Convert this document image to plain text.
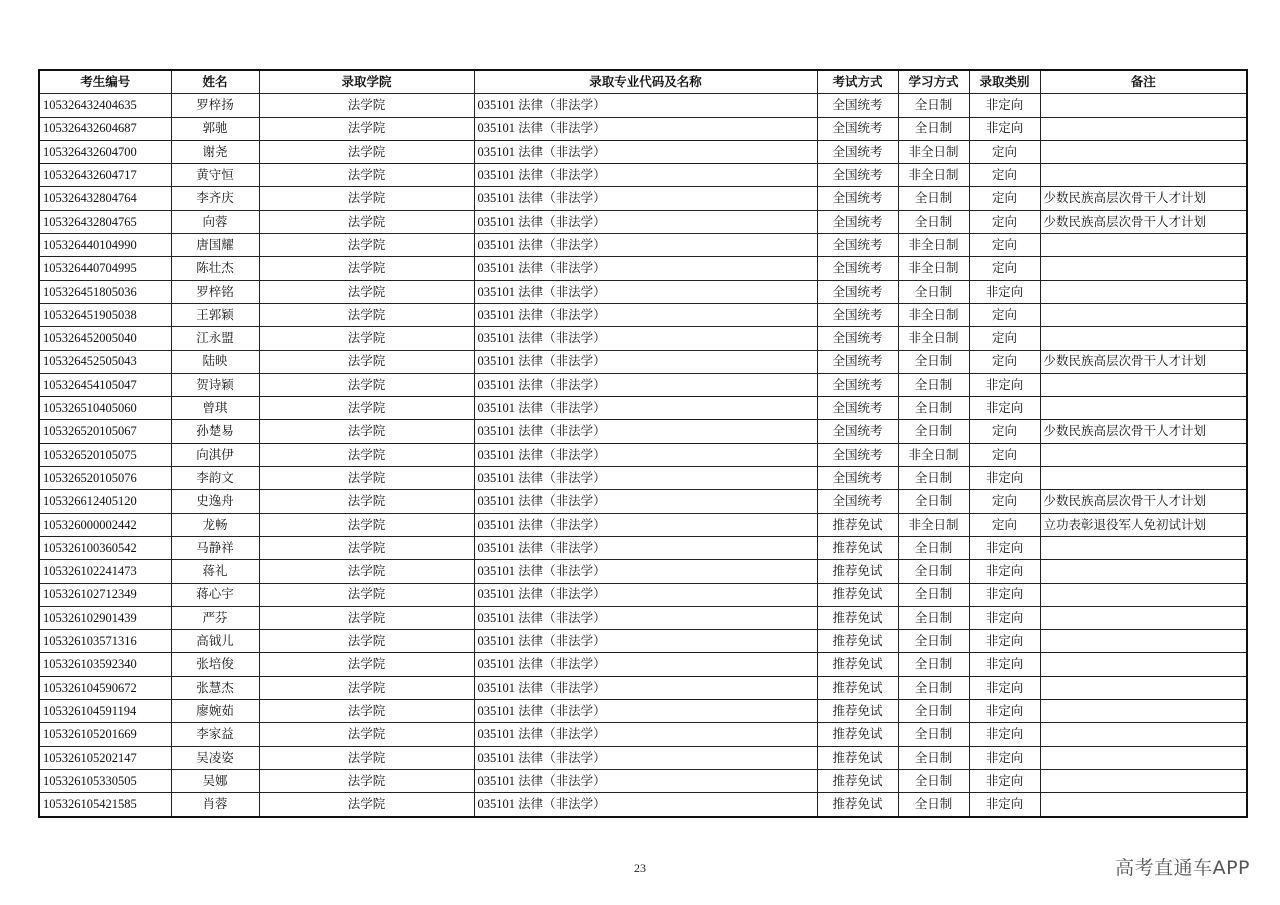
考生编号	姓名	录取学院	录取专业代码及名称	考试方式	学习方式	录取类别	备注
105326432404635	罗梓扬	法学院	035101 法律（非法学）	全国统考	全日制	非定向	
105326432604687	郭驰	法学院	035101 法律（非法学）	全国统考	全日制	非定向	
105326432604700	谢尧	法学院	035101 法律（非法学）	全国统考	非全日制	定向	
105326432604717	黄守恒	法学院	035101 法律（非法学）	全国统考	非全日制	定向	
105326432804764	李齐庆	法学院	035101 法律（非法学）	全国统考	全日制	定向	少数民族高层次骨干人才计划
105326432804765	向蓉	法学院	035101 法律（非法学）	全国统考	全日制	定向	少数民族高层次骨干人才计划
105326440104990	唐国耀	法学院	035101 法律（非法学）	全国统考	非全日制	定向	
105326440704995	陈壮杰	法学院	035101 法律（非法学）	全国统考	非全日制	定向	
105326451805036	罗梓铭	法学院	035101 法律（非法学）	全国统考	全日制	非定向	
105326451905038	王郭颖	法学院	035101 法律（非法学）	全国统考	非全日制	定向	
105326452005040	江永盟	法学院	035101 法律（非法学）	全国统考	非全日制	定向	
105326452505043	陆映	法学院	035101 法律（非法学）	全国统考	全日制	定向	少数民族高层次骨干人才计划
105326454105047	贺诗颖	法学院	035101 法律（非法学）	全国统考	全日制	非定向	
105326510405060	曾琪	法学院	035101 法律（非法学）	全国统考	全日制	非定向	
105326520105067	孙楚易	法学院	035101 法律（非法学）	全国统考	全日制	定向	少数民族高层次骨干人才计划
105326520105075	向淇伊	法学院	035101 法律（非法学）	全国统考	非全日制	定向	
105326520105076	李韵文	法学院	035101 法律（非法学）	全国统考	全日制	非定向	
105326612405120	史逸舟	法学院	035101 法律（非法学）	全国统考	全日制	定向	少数民族高层次骨干人才计划
105326000002442	龙畅	法学院	035101 法律（非法学）	推荐免试	非全日制	定向	立功表彰退役军人免初试计划
105326100360542	马静祥	法学院	035101 法律（非法学）	推荐免试	全日制	非定向	
105326102241473	蒋礼	法学院	035101 法律（非法学）	推荐免试	全日制	非定向	
105326102712349	蒋心宇	法学院	035101 法律（非法学）	推荐免试	全日制	非定向	
105326102901439	严芬	法学院	035101 法律（非法学）	推荐免试	全日制	非定向	
105326103571316	高钺儿	法学院	035101 法律（非法学）	推荐免试	全日制	非定向	
105326103592340	张培俊	法学院	035101 法律（非法学）	推荐免试	全日制	非定向	
105326104590672	张慧杰	法学院	035101 法律（非法学）	推荐免试	全日制	非定向	
105326104591194	廖婉茹	法学院	035101 法律（非法学）	推荐免试	全日制	非定向	
105326105201669	李家益	法学院	035101 法律（非法学）	推荐免试	全日制	非定向	
105326105202147	吴凌姿	法学院	035101 法律（非法学）	推荐免试	全日制	非定向	
105326105330505	吴娜	法学院	035101 法律（非法学）	推荐免试	全日制	非定向	
105326105421585	肖蓉	法学院	035101 法律（非法学）	推荐免试	全日制	非定向	
23	高考直通车APP
